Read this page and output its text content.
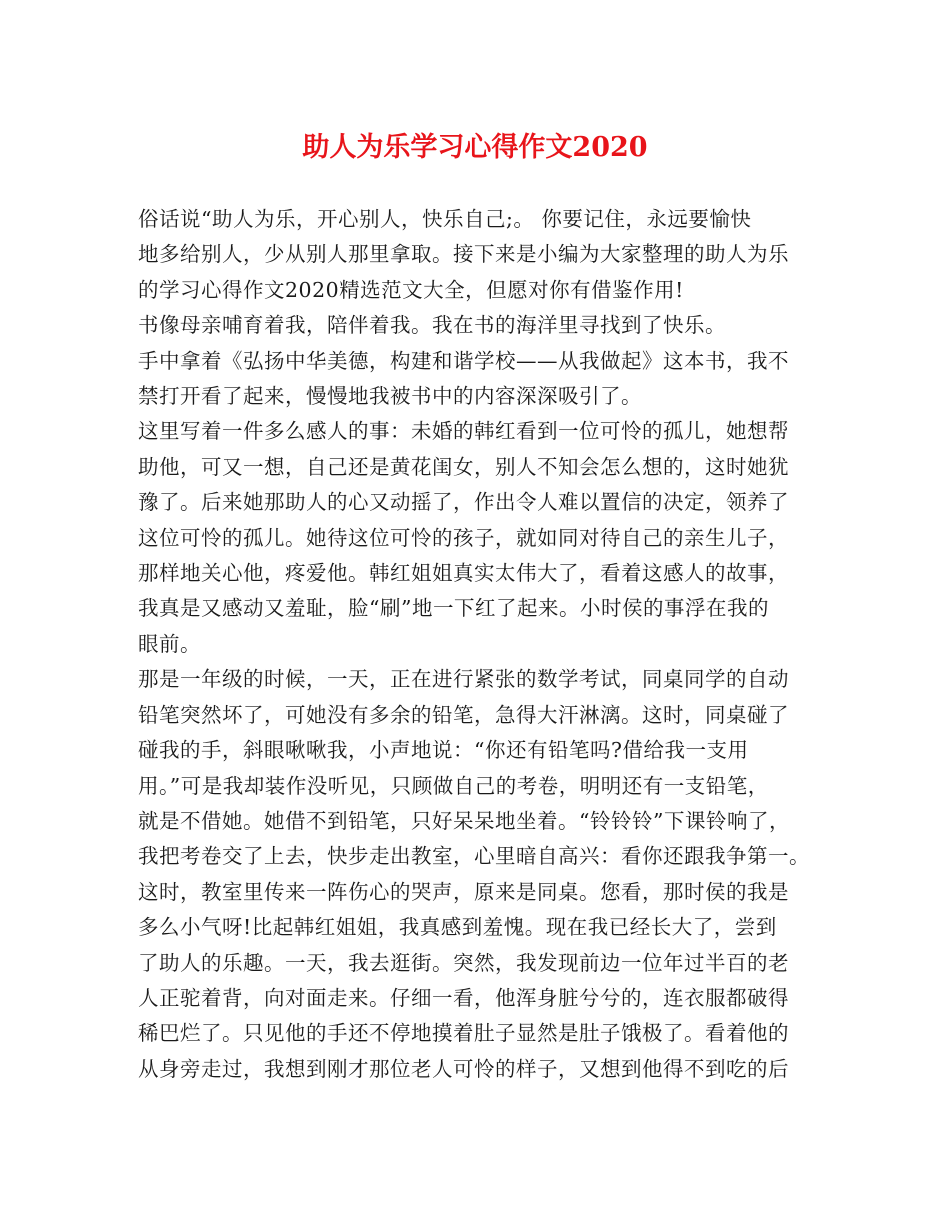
助人为乐学习心得作文2020
俗话说“助人为乐，开心别人，快乐自己;。 你要记住，永远要愉快
地多给别人，少从别人那里拿取。接下来是小编为大家整理的助人为乐
的学习心得作文2020精选范文大全，但愿对你有借鉴作用!
书像母亲哺育着我，陪伴着我。我在书的海洋里寻找到了快乐。
手中拿着《弘扬中华美德，构建和谐学校——从我做起》这本书，我不
禁打开看了起来，慢慢地我被书中的内容深深吸引了。
这里写着一件多么感人的事：未婚的韩红看到一位可怜的孤儿，她想帮
助他，可又一想，自己还是黄花闺女，别人不知会怎么想的，这时她犹
豫了。后来她那助人的心又动摇了，作出令人难以置信的决定，领养了
这位可怜的孤儿。她待这位可怜的孩子，就如同对待自己的亲生儿子，
那样地关心他，疼爱他。韩红姐姐真实太伟大了，看着这感人的故事，
我真是又感动又羞耻，脸“刷”地一下红了起来。小时侯的事浮在我的
眼前。
那是一年级的时候，一天，正在进行紧张的数学考试，同桌同学的自动
铅笔突然坏了，可她没有多余的铅笔，急得大汗淋漓。这时，同桌碰了
碰我的手，斜眼啾啾我，小声地说：“你还有铅笔吗?借给我一支用
用。”可是我却装作没听见，只顾做自己的考卷，明明还有一支铅笔，
就是不借她。她借不到铅笔，只好呆呆地坐着。“铃铃铃”下课铃响了，
我把考卷交了上去，快步走出教室，心里暗自高兴：看你还跟我争第一。
这时，教室里传来一阵伤心的哭声，原来是同桌。您看，那时侯的我是
多么小气呀!比起韩红姐姐，我真感到羞愧。现在我已经长大了，尝到
了助人的乐趣。一天，我去逛街。突然，我发现前边一位年过半百的老
人正驼着背，向对面走来。仔细一看，他浑身脏兮兮的，连衣服都破得
稀巴烂了。只见他的手还不停地摸着肚子显然是肚子饿极了。看着他的
从身旁走过，我想到刚才那位老人可怜的样子，又想到他得不到吃的后
